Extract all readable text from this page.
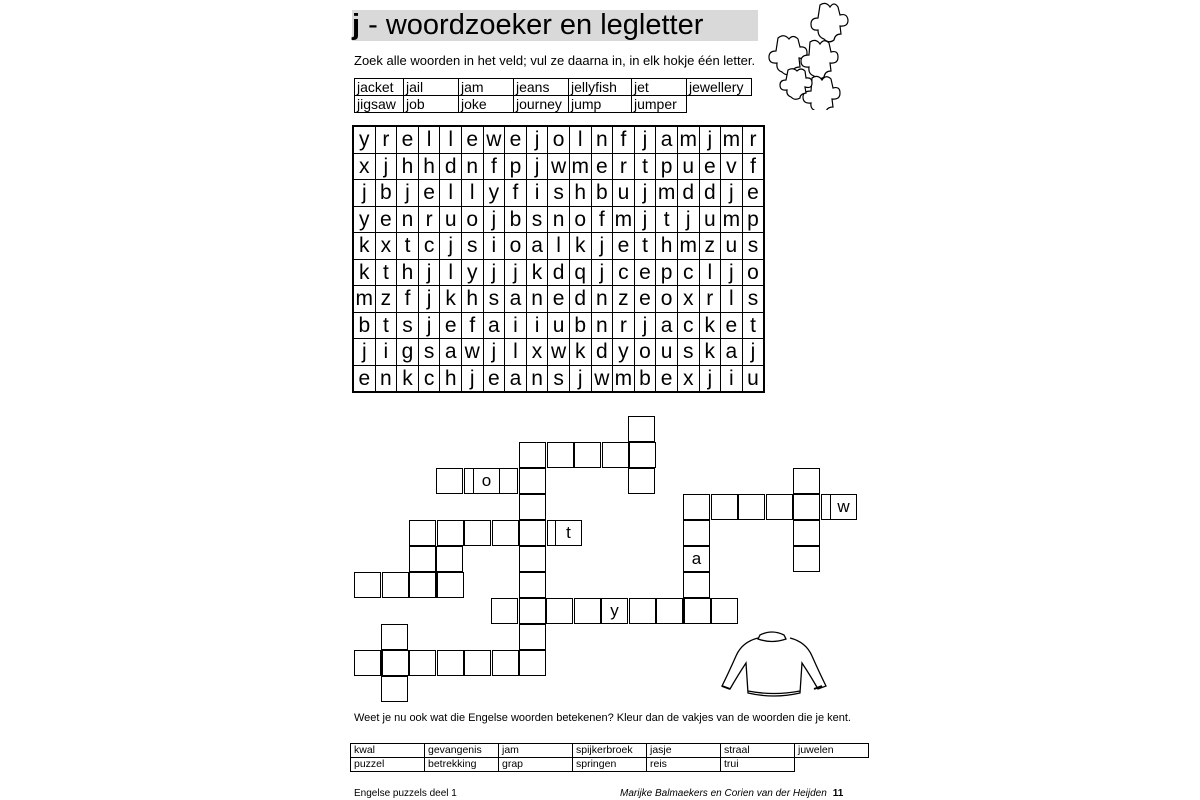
j - woordzoeker en legletter
Zoek alle woorden in het veld; vul ze daarna in, in elk hokje één letter.
jacket	jail	jam	jeans	jellyfish	jet	jewellery
jigsaw	job	joke	journey	jump	jumper	
y	r	e	l	l	e	w	e	j	o	l	n	f	j	a	m	j	m	r
x	j	h	h	d	n	f	p	j	w	m	e	r	t	p	u	e	v	f
j	b	j	e	l	l	y	f	i	s	h	b	u	j	m	d	d	j	e
y	e	n	r	u	o	j	b	s	n	o	f	m	j	t	j	u	m	p
k	x	t	c	j	s	i	o	a	l	k	j	e	t	h	m	z	u	s
k	t	h	j	l	y	j	j	k	d	q	j	c	e	p	c	l	j	o
m	z	f	j	k	h	s	a	n	e	d	n	z	e	o	x	r	l	s
b	t	s	j	e	f	a	i	i	u	b	n	r	j	a	c	k	e	t
j	i	g	s	a	w	j	l	x	w	k	d	y	o	u	s	k	a	j
e	n	k	c	h	j	e	a	n	s	j	w	m	b	e	x	j	i	u
o
t
w
a
y
Weet je nu ook wat die Engelse woorden betekenen? Kleur dan de vakjes van de woorden die je kent.
kwal	gevangenis	jam	spijkerbroek	jasje	straal	juwelen
puzzel	betrekking	grap	springen	reis	trui	
Engelse puzzels deel 1	Marijke Balmaekers en Corien van der Heijden 11
